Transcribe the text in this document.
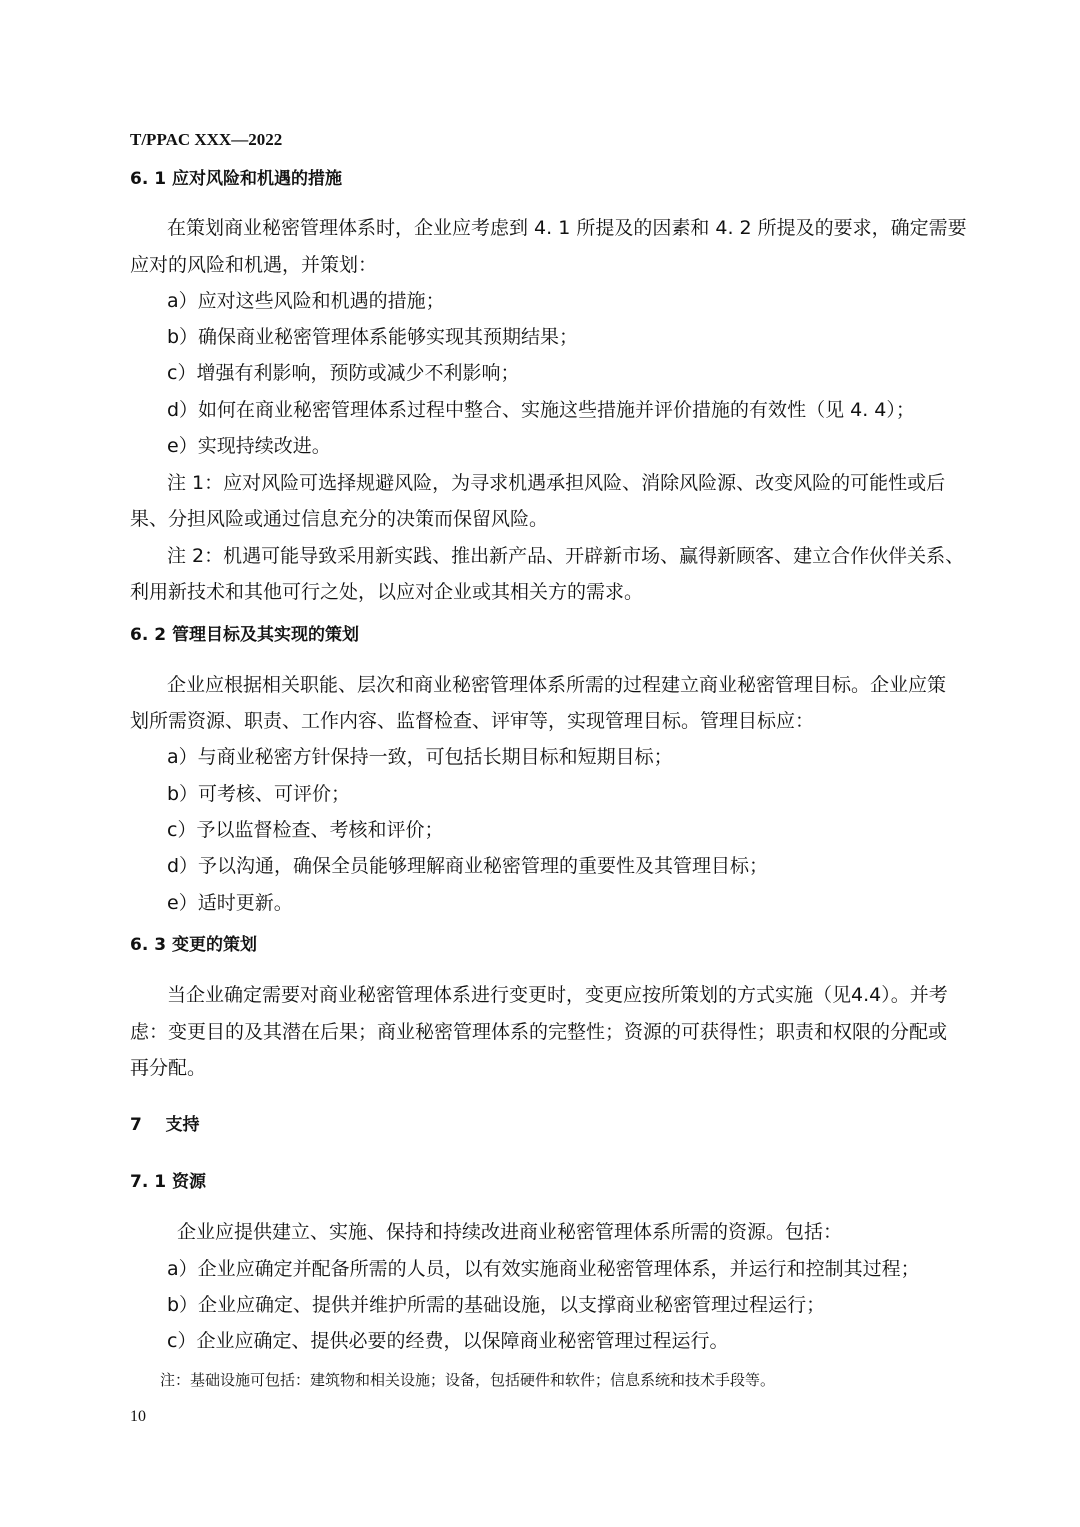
T/PPAC XXX—2022
6. 1 应对风险和机遇的措施
在策划商业秘密管理体系时，企业应考虑到 4. 1 所提及的因素和 4. 2 所提及的要求，确定需要
应对的风险和机遇，并策划：
a）应对这些风险和机遇的措施；
b）确保商业秘密管理体系能够实现其预期结果；
c）增强有利影响，预防或减少不利影响；
d）如何在商业秘密管理体系过程中整合、实施这些措施并评价措施的有效性（见 4. 4）；
e）实现持续改进。
注 1：应对风险可选择规避风险，为寻求机遇承担风险、消除风险源、改变风险的可能性或后
果、分担风险或通过信息充分的决策而保留风险。
注 2：机遇可能导致采用新实践、推出新产品、开辟新市场、赢得新顾客、建立合作伙伴关系、
利用新技术和其他可行之处，以应对企业或其相关方的需求。
6. 2 管理目标及其实现的策划
企业应根据相关职能、层次和商业秘密管理体系所需的过程建立商业秘密管理目标。企业应策
划所需资源、职责、工作内容、监督检查、评审等，实现管理目标。管理目标应：
a）与商业秘密方针保持一致，可包括长期目标和短期目标；
b）可考核、可评价；
c）予以监督检查、考核和评价；
d）予以沟通，确保全员能够理解商业秘密管理的重要性及其管理目标；
e）适时更新。
6. 3 变更的策划
当企业确定需要对商业秘密管理体系进行变更时，变更应按所策划的方式实施（见4.4）。并考
虑：变更目的及其潜在后果；商业秘密管理体系的完整性；资源的可获得性；职责和权限的分配或
再分配。
7    支持
7. 1 资源
企业应提供建立、实施、保持和持续改进商业秘密管理体系所需的资源。包括：
a）企业应确定并配备所需的人员，以有效实施商业秘密管理体系，并运行和控制其过程；
b）企业应确定、提供并维护所需的基础设施，以支撑商业秘密管理过程运行；
c）企业应确定、提供必要的经费，以保障商业秘密管理过程运行。
注：基础设施可包括：建筑物和相关设施；设备，包括硬件和软件；信息系统和技术手段等。
10
